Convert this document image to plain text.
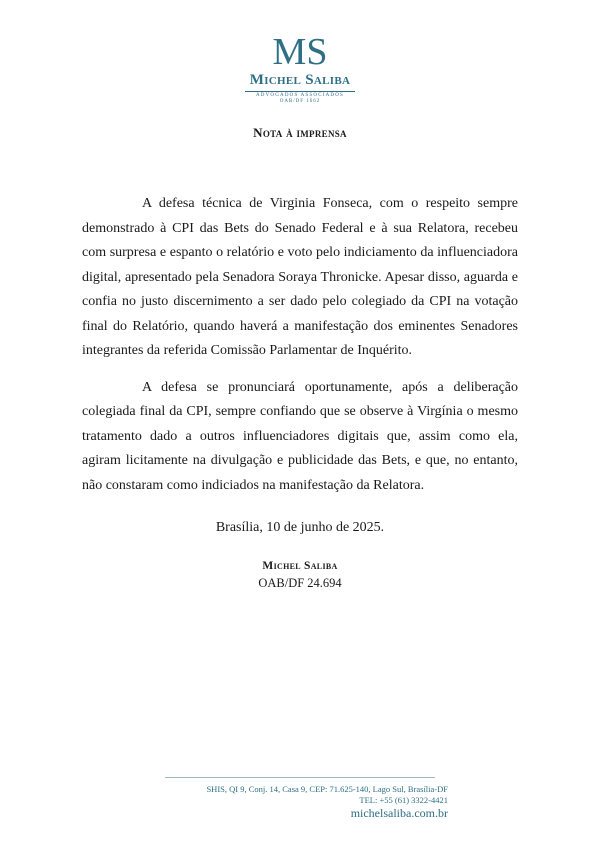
MS
Michel Saliba
ADVOGADOS ASSOCIADOS
OAB/DF 1662
Nota à imprensa

A defesa técnica de Virginia Fonseca, com o respeito sempre demonstrado à CPI das Bets do Senado Federal e à sua Relatora, recebeu com surpresa e espanto o relatório e voto pelo indiciamento da influenciadora digital, apresentado pela Senadora Soraya Thronicke. Apesar disso, aguarda e confia no justo discernimento a ser dado pelo colegiado da CPI na votação final do Relatório, quando haverá a manifestação dos eminentes Senadores integrantes da referida Comissão Parlamentar de Inquérito.

A defesa se pronunciará oportunamente, após a deliberação colegiada final da CPI, sempre confiando que se observe à Virgínia o mesmo tratamento dado a outros influenciadores digitais que, assim como ela, agiram licitamente na divulgação e publicidade das Bets, e que, no entanto, não constaram como indiciados na manifestação da Relatora.

Brasília, 10 de junho de 2025.
Michel Saliba
OAB/DF 24.694
SHIS, QI 9, Conj. 14, Casa 9, CEP: 71.625-140, Lago Sul, Brasília-DF
TEL: +55 (61) 3322-4421
michelsaliba.com.br
